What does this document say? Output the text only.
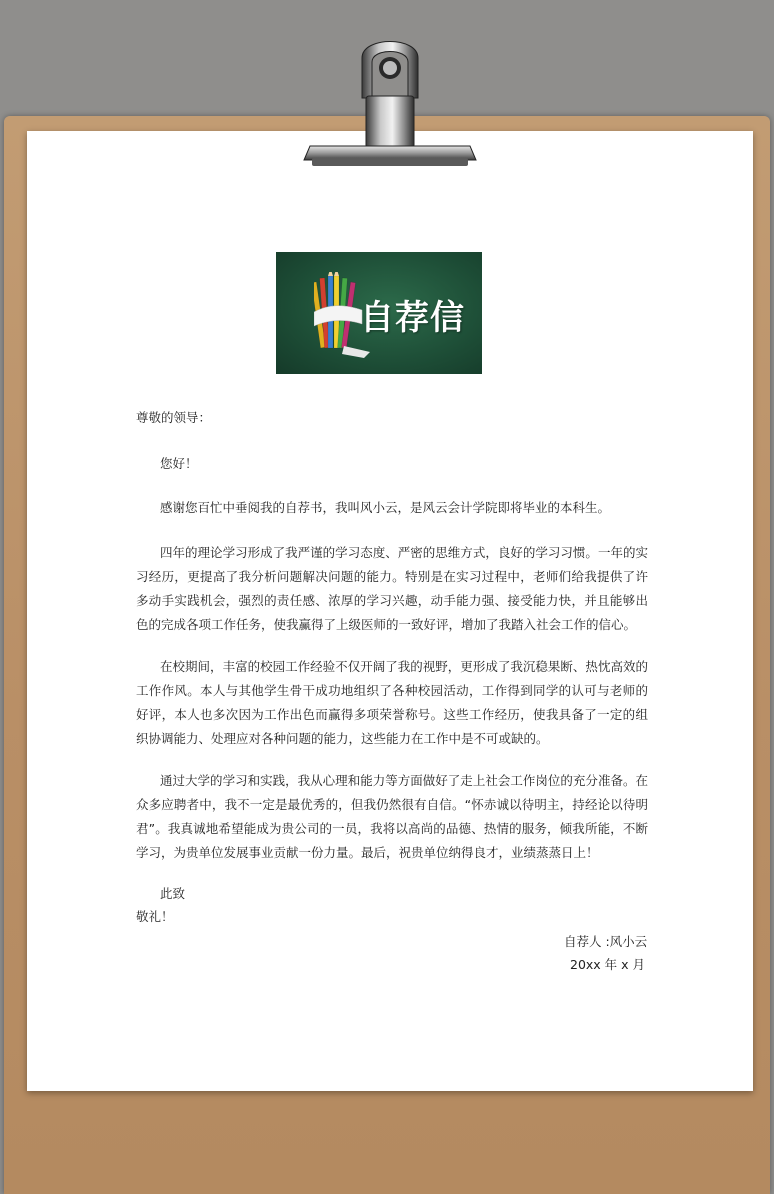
自荐信

尊敬的领导：

您好！

感谢您百忙中垂阅我的自荐书，我叫风小云，是风云会计学院即将毕业的本科生。

四年的理论学习形成了我严谨的学习态度、严密的思维方式，良好的学习习惯。一年的实习经历，更提高了我分析问题解决问题的能力。特别是在实习过程中，老师们给我提供了许多动手实践机会，强烈的责任感、浓厚的学习兴趣，动手能力强、接受能力快，并且能够出色的完成各项工作任务，使我赢得了上级医师的一致好评，增加了我踏入社会工作的信心。

在校期间，丰富的校园工作经验不仅开阔了我的视野，更形成了我沉稳果断、热忱高效的工作作风。本人与其他学生骨干成功地组织了各种校园活动，工作得到同学的认可与老师的好评，本人也多次因为工作出色而赢得多项荣誉称号。这些工作经历，使我具备了一定的组织协调能力、处理应对各种问题的能力，这些能力在工作中是不可或缺的。

通过大学的学习和实践，我从心理和能力等方面做好了走上社会工作岗位的充分准备。在众多应聘者中，我不一定是最优秀的，但我仍然很有自信。“怀赤诚以待明主，持经论以待明君”。我真诚地希望能成为贵公司的一员，我将以高尚的品德、热情的服务，倾我所能，不断学习，为贵单位发展事业贡献一份力量。最后，祝贵单位纳得良才，业绩蒸蒸日上！

此致

敬礼！

自荐人 :风小云

20xx 年 x 月
